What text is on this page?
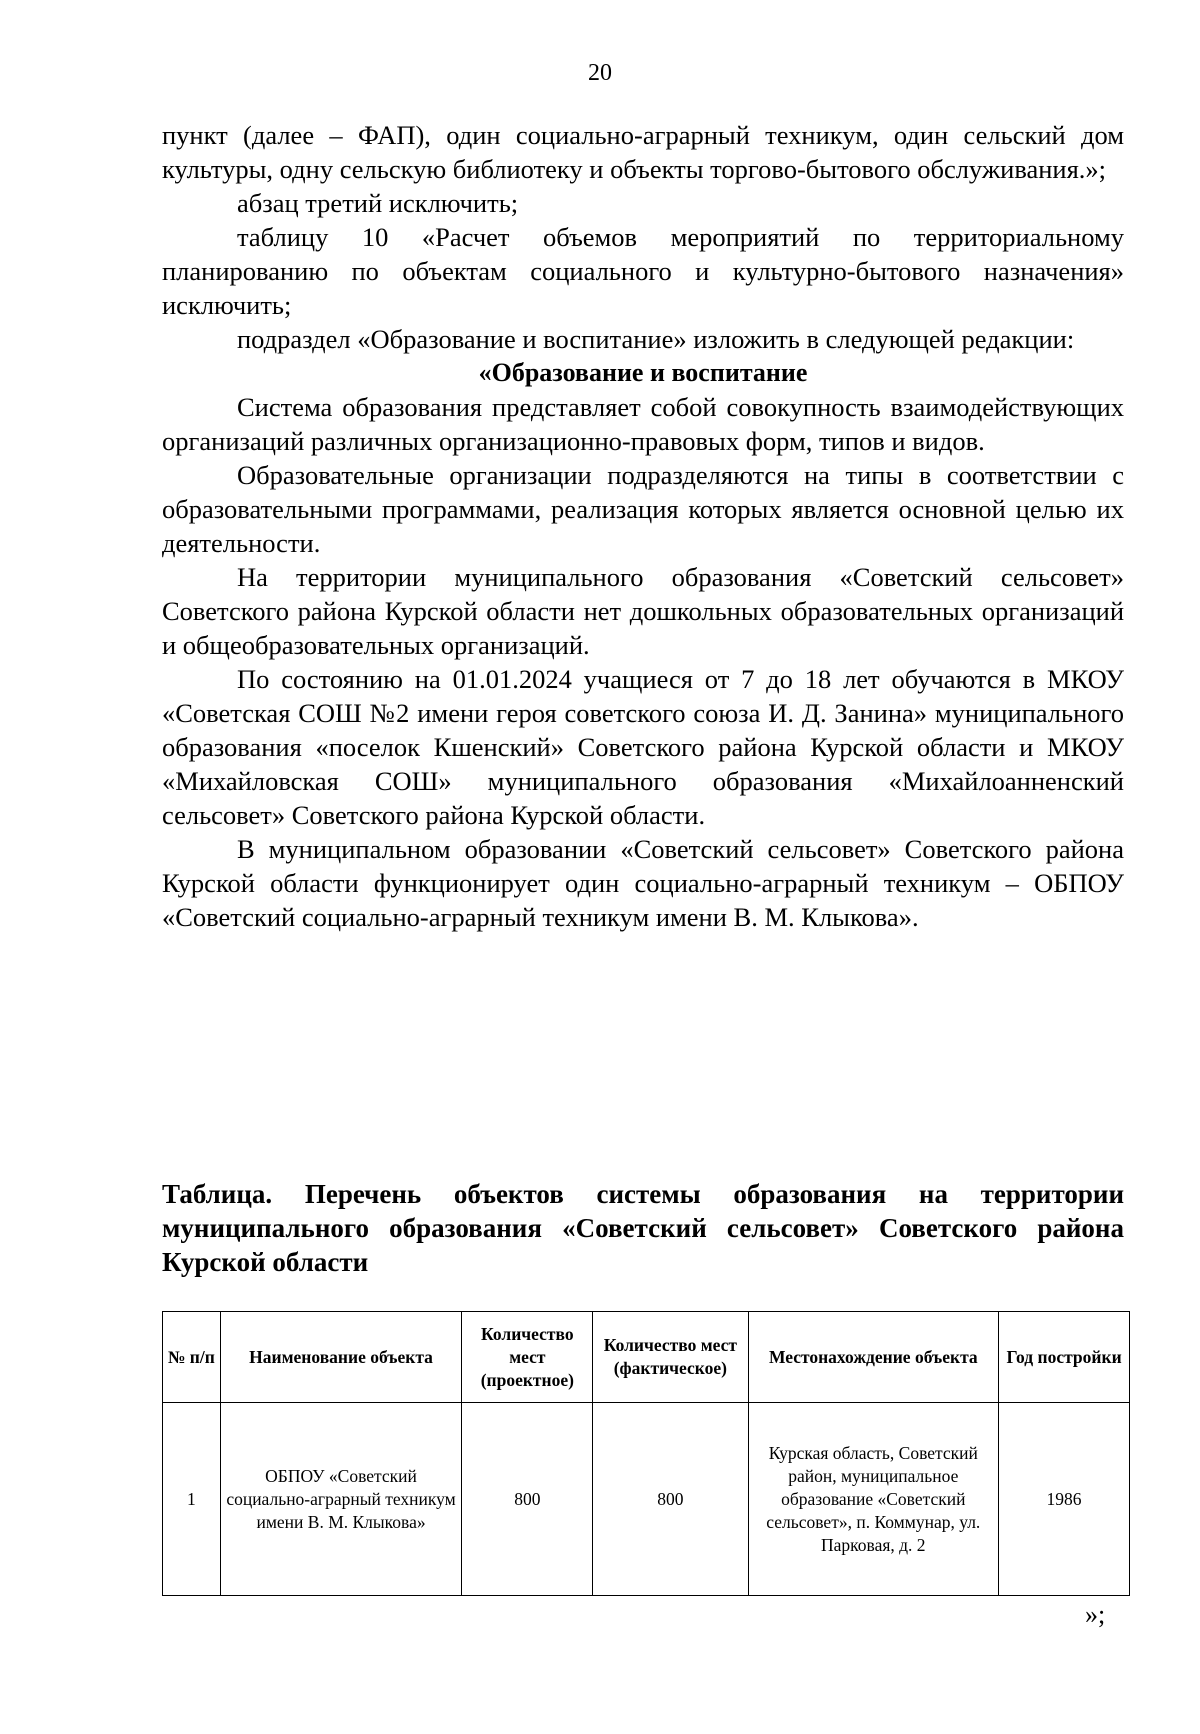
20

пункт (далее – ФАП), один социально-аграрный техникум, один сельский дом культуры, одну сельскую библиотеку и объекты торгово-бытового обслуживания.»;

абзац третий исключить;

таблицу 10 «Расчет объемов мероприятий по территориальному планированию по объектам социального и культурно-бытового назначения» исключить;

подраздел «Образование и воспитание» изложить в следующей редакции:

«Образование и воспитание

Система образования представляет собой совокупность взаимодействующих организаций различных организационно-правовых форм, типов и видов.

Образовательные организации подразделяются на типы в соответствии с образовательными программами, реализация которых является основной целью их деятельности.

На территории муниципального образования «Советский сельсовет» Советского района Курской области нет дошкольных образовательных организаций и общеобразовательных организаций.

По состоянию на 01.01.2024 учащиеся от 7 до 18 лет обучаются в МКОУ «Советская СОШ №2 имени героя советского союза И. Д. Занина» муниципального образования «поселок Кшенский» Советского района Курской области и МКОУ «Михайловская СОШ» муниципального образования «Михайлоанненский сельсовет» Советского района Курской области.

В муниципальном образовании «Советский сельсовет» Советского района Курской области функционирует один социально-аграрный техникум – ОБПОУ «Советский социально-аграрный техникум имени В. М. Клыкова».

Таблица. Перечень объектов системы образования на территории муниципального образования «Советский сельсовет» Советского района Курской области

№ п/п	Наименование объекта	Количество мест (проектное)	Количество мест (фактическое)	Местонахождение объекта	Год постройки
1	ОБПОУ «Советский социально-аграрный техникум имени В. М. Клыкова»	800	800	Курская область, Советский район, муниципальное образование «Советский сельсовет», п. Коммунар, ул. Парковая, д. 2	1986
»;
